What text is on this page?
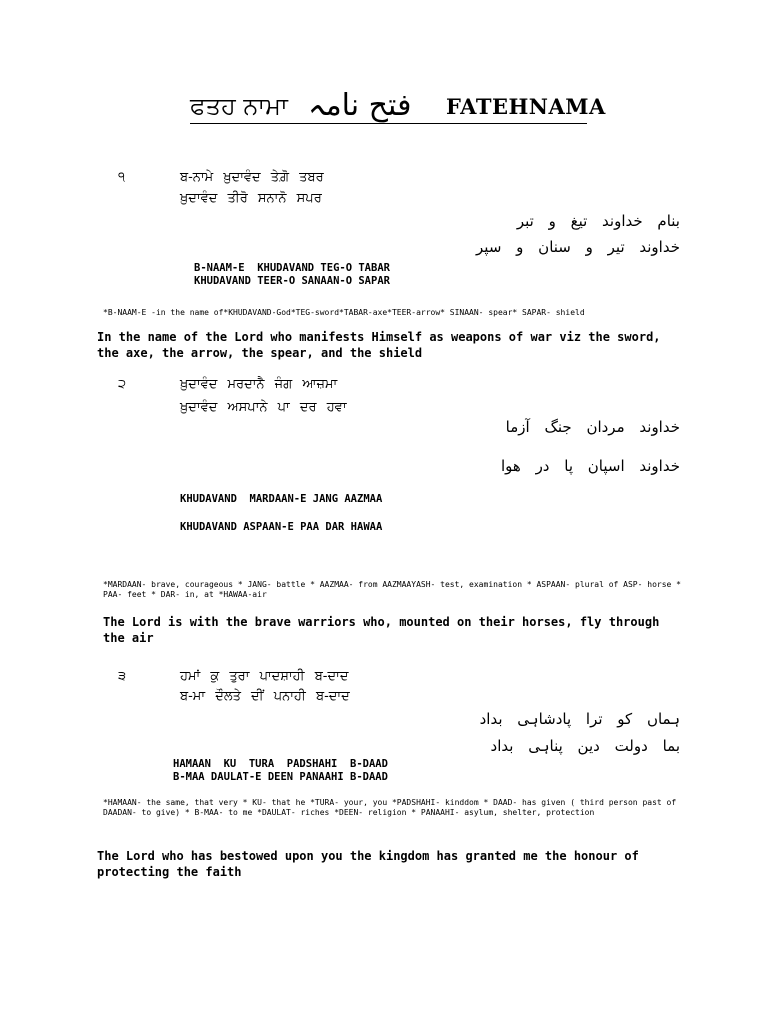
ਫਤਹ ਨਾਮਾ فتح نامہ FATEHNAMA
੧	ਬ-ਨਾਮੇ ਖ਼ੁਦਾਵੰਦ ਤੇਗ਼ੋ ਤਬਰ
ਖ਼ੁਦਾਵੰਦ ਤੀਰੋ ਸਨਾਨੋ ਸਪਰ
بنام خداوند تیغ و تبر
خداوند تیر و سنان و سپر
B-NAAM-E  KHUDAVAND TEG-O TABAR
KHUDAVAND TEER-O SANAAN-O SAPAR
*B-NAAM-E -in the name of*KHUDAVAND-God*TEG-sword*TABAR-axe*TEER-arrow* SINAAN- spear* SAPAR- shield
In the name of the Lord who manifests Himself as weapons of war viz the sword, the axe, the arrow, the spear, and the shield
੨	ਖ਼ੁਦਾਵੰਦ ਮਰਦਾਨੈ ਜੰਗ ਆਜ਼ਮਾ
ਖ਼ੁਦਾਵੰਦ ਅਸਪਾਨੇ ਪਾ ਦਰ ਹਵਾ
خداوند مردان جنگ آزما
خداوند اسپان پا در ھوا
KHUDAVAND  MARDAAN-E JANG AAZMAA
KHUDAVAND ASPAAN-E PAA DAR HAWAA
*MARDAAN- brave, courageous * JANG- battle * AAZMAA- from AAZMAAYASH- test, examination * ASPAAN- plural of ASP- horse * PAA- feet * DAR- in, at *HAWAA-air
The Lord is with the brave warriors who, mounted on their horses, fly through the air
੩	ਹਮਾਂ ਕੁ ਤੁਰਾ ਪਾਦਸ਼ਾਹੀ ਬ-ਦਾਦ
ਬ-ਮਾ ਦੌਲਤੇ ਦੀਂ ਪਨਾਹੀ ਬ-ਦਾਦ
ہماں کو ترا پادشاہی بداد
بما دولت دین پناہی بداد
HAMAAN  KU  TURA  PADSHAHI  B-DAAD
B-MAA DAULAT-E DEEN PANAAHI B-DAAD
*HAMAAN- the same, that very * KU- that he *TURA- your, you *PADSHAHI- kinddom * DAAD- has given ( third person past of DAADAN- to give) * B-MAA- to me *DAULAT- riches *DEEN- religion * PANAAHI- asylum, shelter, protection
The Lord who has bestowed upon you the kingdom has granted me the honour of protecting the faith
